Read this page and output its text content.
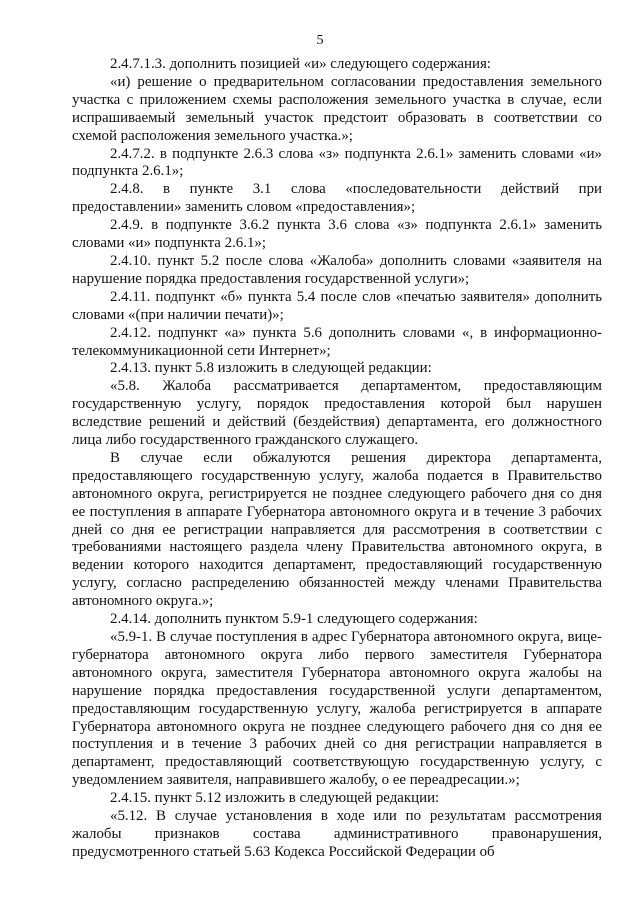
5

2.4.7.1.3. дополнить позицией «и» следующего содержания:

«и) решение о предварительном согласовании предоставления земельного участка с приложением схемы расположения земельного участка в случае, если испрашиваемый земельный участок предстоит образовать в соответствии со схемой расположения земельного участка.»;

2.4.7.2. в подпункте 2.6.3 слова «з» подпункта 2.6.1» заменить словами «и» подпункта 2.6.1»;

2.4.8. в пункте 3.1 слова «последовательности действий при предоставлении» заменить словом «предоставления»;

2.4.9. в подпункте 3.6.2 пункта 3.6 слова «з» подпункта 2.6.1» заменить словами «и» подпункта 2.6.1»;

2.4.10. пункт 5.2 после слова «Жалоба» дополнить словами «заявителя на нарушение порядка предоставления государственной услуги»;

2.4.11. подпункт «б» пункта 5.4 после слов «печатью заявителя» дополнить словами «(при наличии печати)»;

2.4.12. подпункт «а» пункта 5.6 дополнить словами «, в информационно-телекоммуникационной сети Интернет»;

2.4.13. пункт 5.8 изложить в следующей редакции:

«5.8. Жалоба рассматривается департаментом, предоставляющим государственную услугу, порядок предоставления которой был нарушен вследствие решений и действий (бездействия) департамента, его должностного лица либо государственного гражданского служащего.

В случае если обжалуются решения директора департамента, предоставляющего государственную услугу, жалоба подается в Правительство автономного округа, регистрируется не позднее следующего рабочего дня со дня ее поступления в аппарате Губернатора автономного округа и в течение 3 рабочих дней со дня ее регистрации направляется для рассмотрения в соответствии с требованиями настоящего раздела члену Правительства автономного округа, в ведении которого находится департамент, предоставляющий государственную услугу, согласно распределению обязанностей между членами Правительства автономного округа.»;

2.4.14. дополнить пунктом 5.9-1 следующего содержания:

«5.9-1. В случае поступления в адрес Губернатора автономного округа, вице-губернатора автономного округа либо первого заместителя Губернатора автономного округа, заместителя Губернатора автономного округа жалобы на нарушение порядка предоставления государственной услуги департаментом, предоставляющим государственную услугу, жалоба регистрируется в аппарате Губернатора автономного округа не позднее следующего рабочего дня со дня ее поступления и в течение 3 рабочих дней со дня регистрации направляется в департамент, предоставляющий соответствующую государственную услугу, с уведомлением заявителя, направившего жалобу, о ее переадресации.»;

2.4.15. пункт 5.12 изложить в следующей редакции:

«5.12. В случае установления в ходе или по результатам рассмотрения жалобы признаков состава административного правонарушения, предусмотренного статьей 5.63 Кодекса Российской Федерации об
